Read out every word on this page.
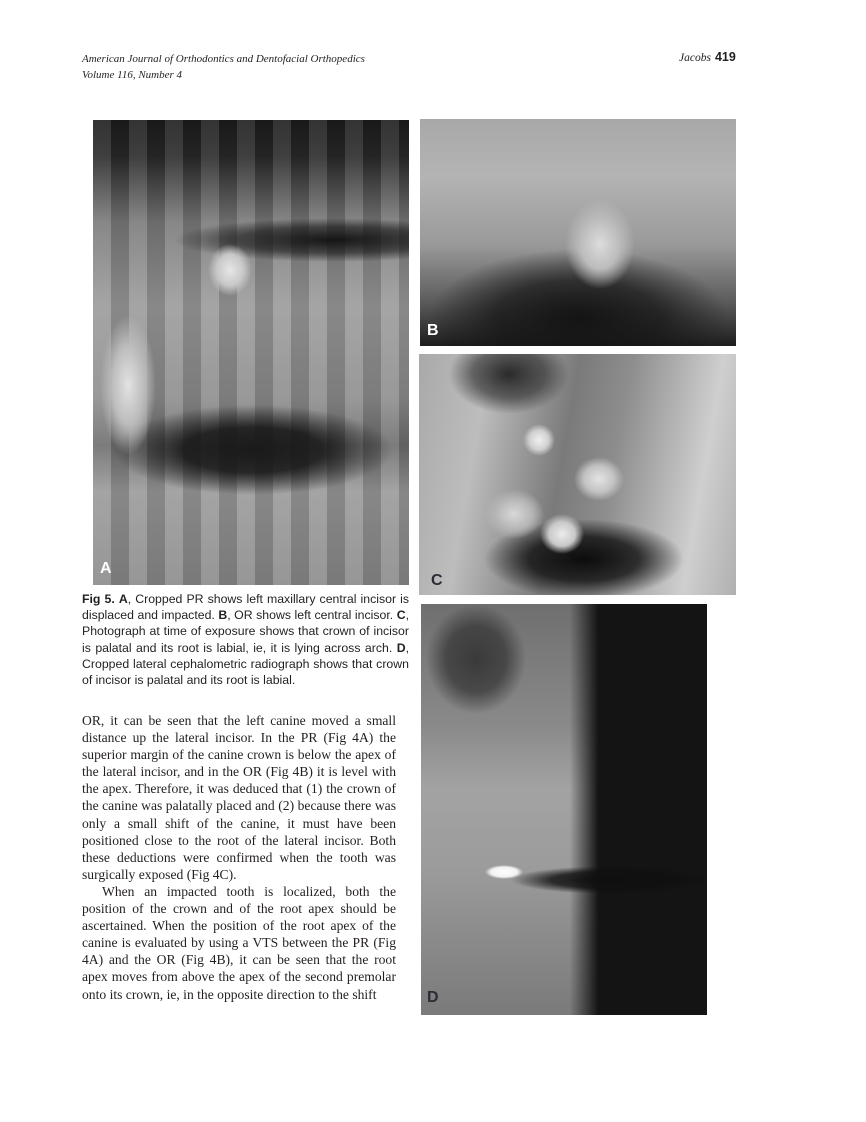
American Journal of Orthodontics and Dentofacial Orthopedics
Volume 116, Number 4
Jacobs 419
A
B
C
D
Fig 5. A, Cropped PR shows left maxillary central incisor is displaced and impacted. B, OR shows left central incisor. C, Photograph at time of exposure shows that crown of incisor is palatal and its root is labial, ie, it is lying across arch. D, Cropped lateral cephalometric radiograph shows that crown of incisor is palatal and its root is labial.

OR, it can be seen that the left canine moved a small distance up the lateral incisor. In the PR (Fig 4A) the superior margin of the canine crown is below the apex of the lateral incisor, and in the OR (Fig 4B) it is level with the apex. Therefore, it was deduced that (1) the crown of the canine was palatally placed and (2) because there was only a small shift of the canine, it must have been positioned close to the root of the lateral incisor. Both these deductions were confirmed when the tooth was surgically exposed (Fig 4C).

When an impacted tooth is localized, both the position of the crown and of the root apex should be ascertained. When the position of the root apex of the canine is evaluated by using a VTS between the PR (Fig 4A) and the OR (Fig 4B), it can be seen that the root apex moves from above the apex of the second premolar onto its crown, ie, in the opposite direction to the shift
